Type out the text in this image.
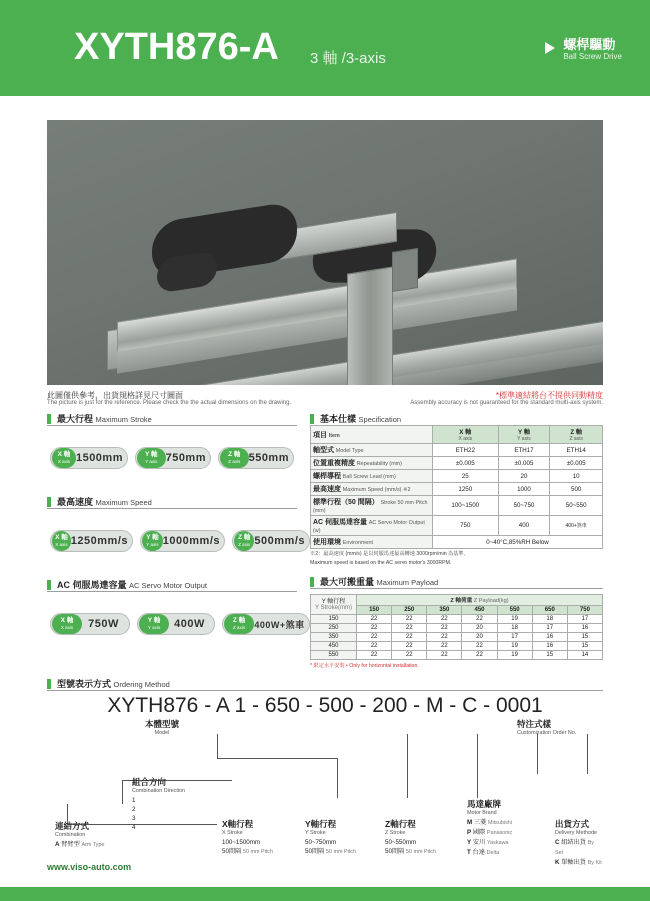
XYTH876-A 3 軸 /3-axis
螺桿驅動
Ball Screw Drive
此圖僅供參考，出貨規格詳見尺寸圖面
The picture is just for the reference. Please check the the actual dimensions on the drawing.
*標準適結將台不提供同動精度
Assembly accuracy is not guaranteed for the standard multi-axis system.
最大行程 Maximum Stroke
X 軸
X axis 1500mm	Y 軸
Y axis 750mm	Z 軸
Z axis 550mm
最高速度 Maximum Speed
X 軸
X axis 1250mm/s	Y 軸
Y axis 1000mm/s	Z 軸
Z axis 500mm/s
AC 伺服馬達容量 AC Servo Motor Output
X 軸
X axis	750W	Y 軸
Y axis	400W	Z 軸
Z axis 400W+煞車
基本仕樣 Specification
項目 Item	X 軸
X axis

Y 軸
Y axis

Z 軸
Z axis

軸型式 Model Type	ETH22	ETH17	ETH14
位置重複精度 Repeatability (mm)	±0.005	±0.005	±0.005
螺桿導程 Ball Screw Lead (mm)	25	20	10
最高速度 Maximum Speed (mm/s) ※2	1250	1000	500
標準行程（50 間隔） Stroke 50 mm Pitch (mm)	100~1500	50~750	50~550
AC 伺服馬達容量 AC Servo Motor Output (w)	750	400	400+煞車
使用環境 Environment	0~40°C,85%RH Below		
※2：最高速度 (mm/s) 是以伺服馬達最高轉速 3000rpm/min 為基準。
Maximum speed is based on the AC servo motor's 3000RPM.
最大可搬重量 Maximum Payload
Y 軸行程
Y Stroke(mm)	Z 軸荷重 Z Payload(kg)						
	150	250	350	450	550	650	750
150	22	22	22	22	19	18	17
250	22	22	22	20	18	17	16
350	22	22	22	20	17	16	15
450	22	22	22	22	19	16	15
550	22	22	22	22	19	15	14
* 限定水平安裝 • Only for horizontal installation.
型號表示方式 Ordering Method
XYTH876 - A 1 - 650 - 500 - 200 - M - C - 0001
本體型號
Model
特注式樣
Customization Order No.
連結方式
Combination
A 臂臂型 Arm Type
組合方向
Combination Direction
1
2
3
4	X軸行程
X Stroke
100~1500mm
50間隔 50 mm Pitch
Y軸行程
Y Stroke
50~750mm
50間隔 50 mm Pitch
Z軸行程
Z Stroke
50~550mm
50間隔 50 mm Pitch
馬達廠牌
Motor Brand
M 三菱 Mitsubishi
P 國際 Panasonic
Y 安川 Yaskawa
T 台達 Delta
出貨方式
Delivery Methode
C 組結出貨 By Set
K 單軸出貨 By Kit
www.viso-auto.com
